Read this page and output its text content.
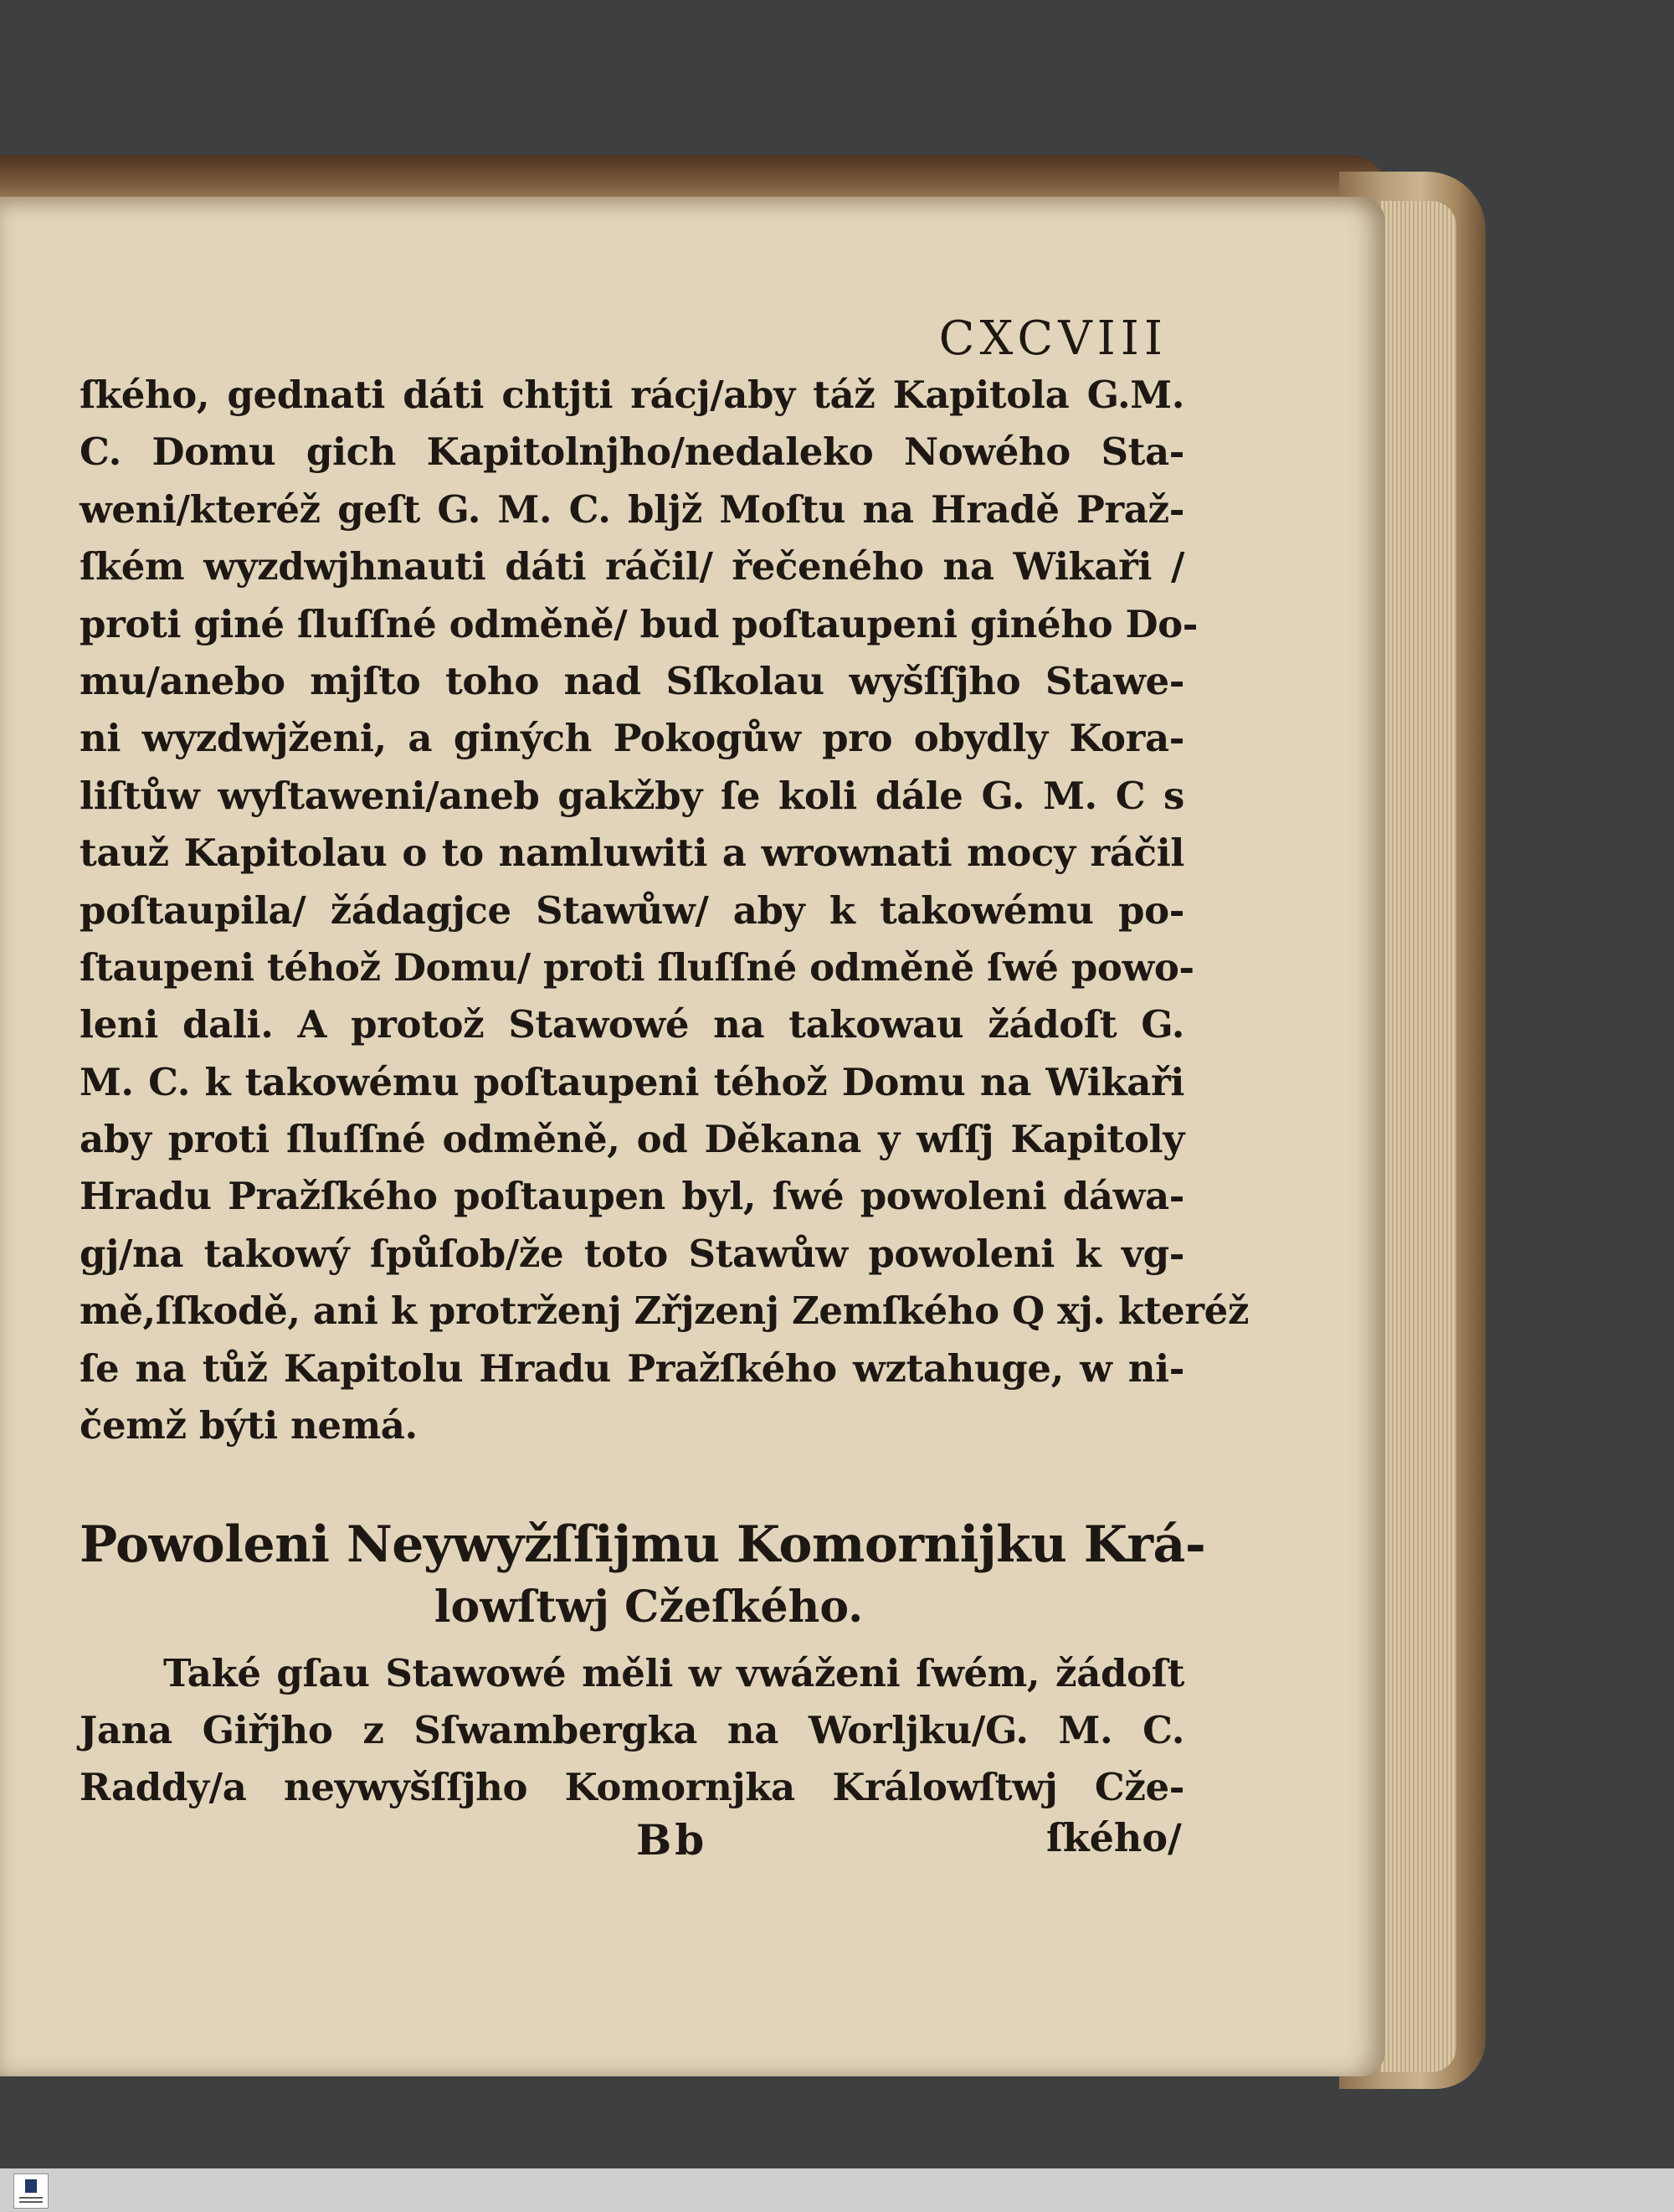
CXCVIII
ſkého, gednati dáti chtjti rácj/aby táž Kapitola G.M.
C. Domu gich Kapitolnjho/nedaleko Nowého Sta-
weni/kteréž geſt G. M. C. blјž Moſtu na Hradě Praž-
ſkém wyzdwjhnauti dáti ráčil/ řečeného na Wikaři /
proti giné ſluſſné odměně/ bud poſtaupeni giného Do-
mu/anebo mјſto toho nad Sſkolau wyšſſjho Stawe-
ni wyzdwjženi, a giných Pokogůw pro obydly Kora-
liſtůw wyſtaweni/aneb gakžby ſe koli dále G. M. C s
tauž Kapitolau o to namluwiti a wrownati mocy ráčil
poſtaupila/ žádagjce Stawůw/ aby k takowému po-
ſtaupeni téhož Domu/ proti ſluſſné odměně ſwé powo-
leni dali. A protož Stawowé na takowau žádoſt G.
M. C. k takowému poſtaupeni téhož Domu na Wikaři
aby proti ſluſſné odměně, od Děkana y wſſj Kapitoly
Hradu Pražſkého poſtaupen byl, ſwé powoleni dáwa-
gj/na takowý ſpůſob/že toto Stawůw powoleni k vg-
mě,ſſkodě, ani k protrženj Zřјzenj Zemſkého Q xj. kteréž
ſe na tůž Kapitolu Hradu Pražſkého wztahuge, w ni-
čemž býti nemá.
Powoleni Neywyžſſijmu Komornijku Krá-
lowſtwj Cžeſkého.
Také gſau Stawowé měli w vwáženi ſwém, žádoſt
Jana Giřjho z Sſwambergka na Worljku/G. M. C.
Raddy/a neywyšſſjho Komornjka Králowſtwj Cže-
Bb	ſkého/
